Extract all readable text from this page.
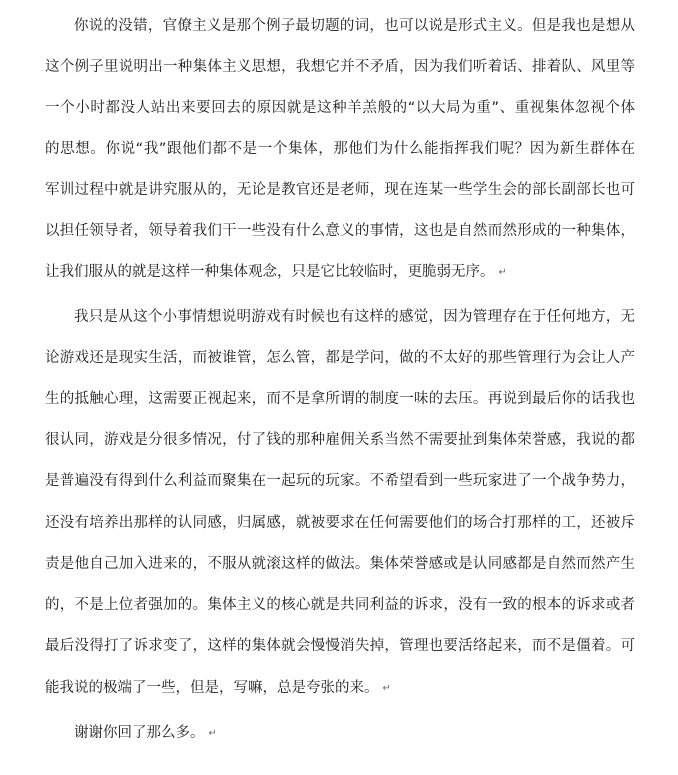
你说的没错，官僚主义是那个例子最切题的词，也可以说是形式主义。但是我也是想从
这个例子里说明出一种集体主义思想，我想它并不矛盾，因为我们听着话、排着队、风里等
一个小时都没人站出来要回去的原因就是这种羊羔般的“以大局为重”、重视集体忽视个体
的思想。你说“我”跟他们都不是一个集体，那他们为什么能指挥我们呢？因为新生群体在
军训过程中就是讲究服从的，无论是教官还是老师，现在连某一些学生会的部长副部长也可
以担任领导者，领导着我们干一些没有什么意义的事情，这也是自然而然形成的一种集体，
让我们服从的就是这样一种集体观念，只是它比较临时，更脆弱无序。 ↵
我只是从这个小事情想说明游戏有时候也有这样的感觉，因为管理存在于任何地方，无
论游戏还是现实生活，而被谁管，怎么管，都是学问，做的不太好的那些管理行为会让人产
生的抵触心理，这需要正视起来，而不是拿所谓的制度一味的去压。再说到最后你的话我也
很认同，游戏是分很多情况，付了钱的那种雇佣关系当然不需要扯到集体荣誉感，我说的都
是普遍没有得到什么利益而聚集在一起玩的玩家。不希望看到一些玩家进了一个战争势力，
还没有培养出那样的认同感，归属感，就被要求在任何需要他们的场合打那样的工，还被斥
责是他自己加入进来的，不服从就滚这样的做法。集体荣誉感或是认同感都是自然而然产生
的，不是上位者强加的。集体主义的核心就是共同利益的诉求，没有一致的根本的诉求或者
最后没得打了诉求变了，这样的集体就会慢慢消失掉，管理也要活络起来，而不是僵着。可
能我说的极端了一些，但是，写嘛，总是夸张的来。 ↵
谢谢你回了那么多。 ↵
